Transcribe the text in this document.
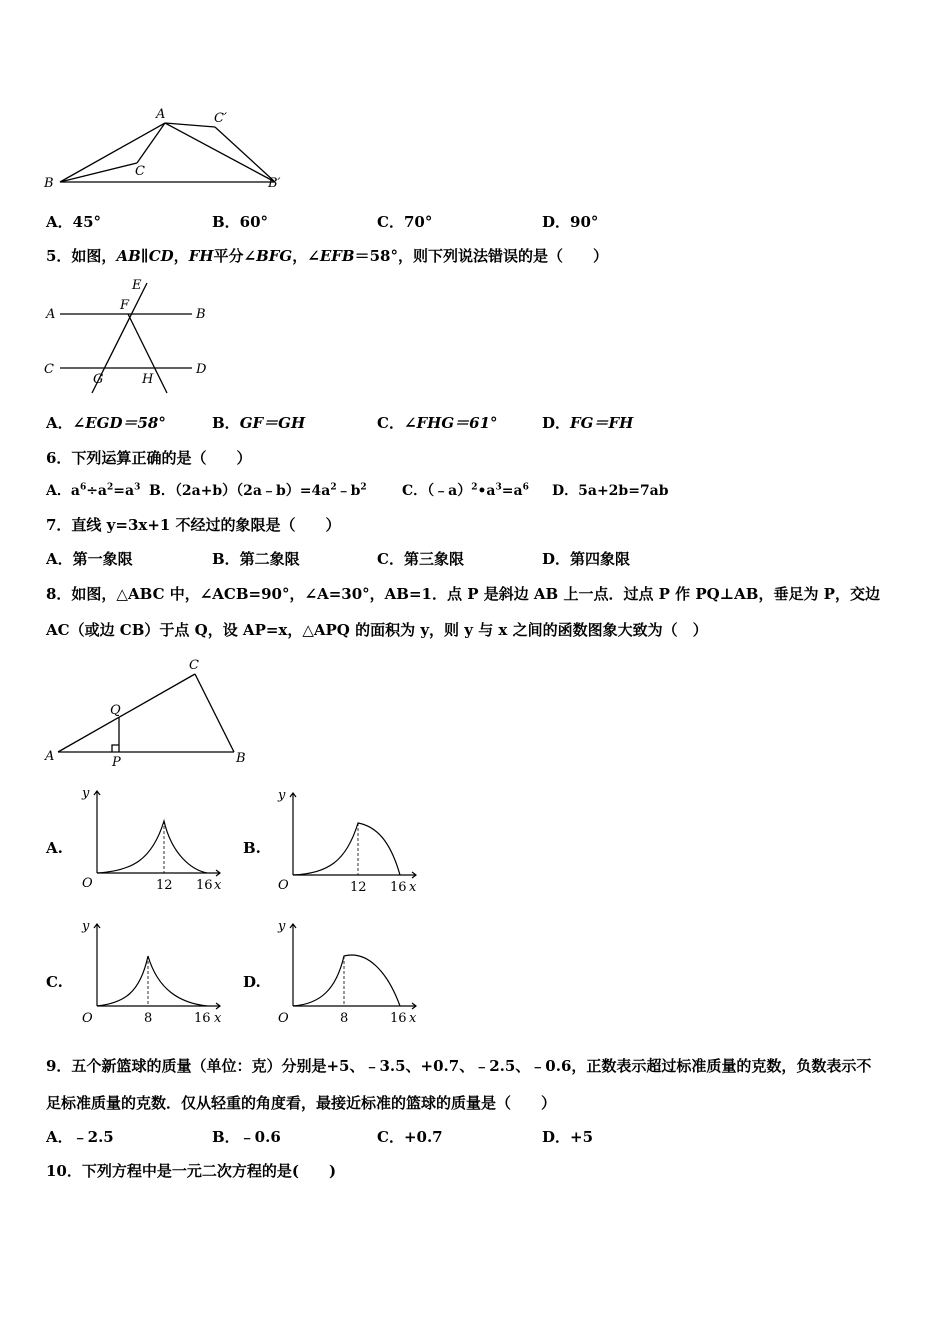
A	C′
C
B	B′
A．45°	B．60°	C．70°	D．90°
5．如图，AB∥CD，FH平分∠BFG，∠EFB＝58°，则下列说法错误的是（　　）
E
A
F
B
C
G	H
D
A．∠EGD＝58°	B．GF＝GH	C．∠FHG＝61°	D．FG＝FH
6．下列运算正确的是（　　）
A．$a^6\div a^2=a^3$ B．$(2a+b)(2a﹣b)=4a^2﹣b^2$	C．$(﹣a)^2•a^3=a^6$ D．5a+2b=7ab
7．直线 y=3x+1 不经过的象限是（　　）
A．第一象限	B．第二象限	C．第三象限	D．第四象限
8．如图，△ABC 中，∠ACB=90°，∠A=30°，AB=1．点 P 是斜边 AB 上一点．过点 P 作 PQ⊥AB，垂足为 P，交边
AC（或边 CB）于点 Q，设 AP=x，△APQ 的面积为 y，则 y 与 x 之间的函数图象大致为（　）
C
Q
A	P	B
A.	B.
C.	D.
y
O	12 16 x
y
O	12 16 x
y
O	8	16 x
y
O	8	16 x
9．五个新篮球的质量（单位：克）分别是+5、﹣3.5、+0.7、﹣2.5、﹣0.6，正数表示超过标准质量的克数，负数表示不
足标准质量的克数．仅从轻重的角度看，最接近标准的篮球的质量是（　　）
A．﹣2.5	B．﹣0.6	C．+0.7	D．+5
10．下列方程中是一元二次方程的是(　　)
